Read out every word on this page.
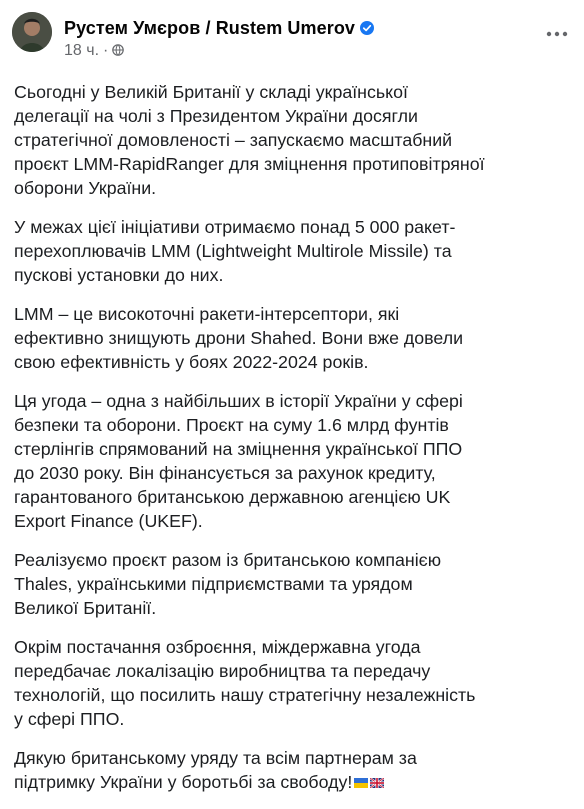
Рустем Умєров / Rustem Umerov
18 ч. ·

Сьогодні у Великій Британії у складі української
делегації на чолі з Президентом України досягли
стратегічної домовленості – запускаємо масштабний
проєкт LMM-RapidRanger для зміцнення протиповітряної
оборони України.

У межах цієї ініціативи отримаємо понад 5 000 ракет-
перехоплювачів LMM (Lightweight Multirole Missile) та
пускові установки до них.

LMM – це високоточні ракети-інтерсептори, які
ефективно знищують дрони Shahed. Вони вже довели
свою ефективність у боях 2022-2024 років.

Ця угода – одна з найбільших в історії України у сфері
безпеки та оборони. Проєкт на суму 1.6 млрд фунтів
стерлінгів спрямований на зміцнення української ППО
до 2030 року. Він фінансується за рахунок кредиту,
гарантованого британською державною агенцією UK
Export Finance (UKEF).

Реалізуємо проєкт разом із британською компанією
Thales, українськими підприємствами та урядом
Великої Британії.

Окрім постачання озброєння, міждержавна угода
передбачає локалізацію виробництва та передачу
технологій, що посилить нашу стратегічну незалежність
у сфері ППО.

Дякую британському уряду та всім партнерам за
підтримку України у боротьбі за свободу!
